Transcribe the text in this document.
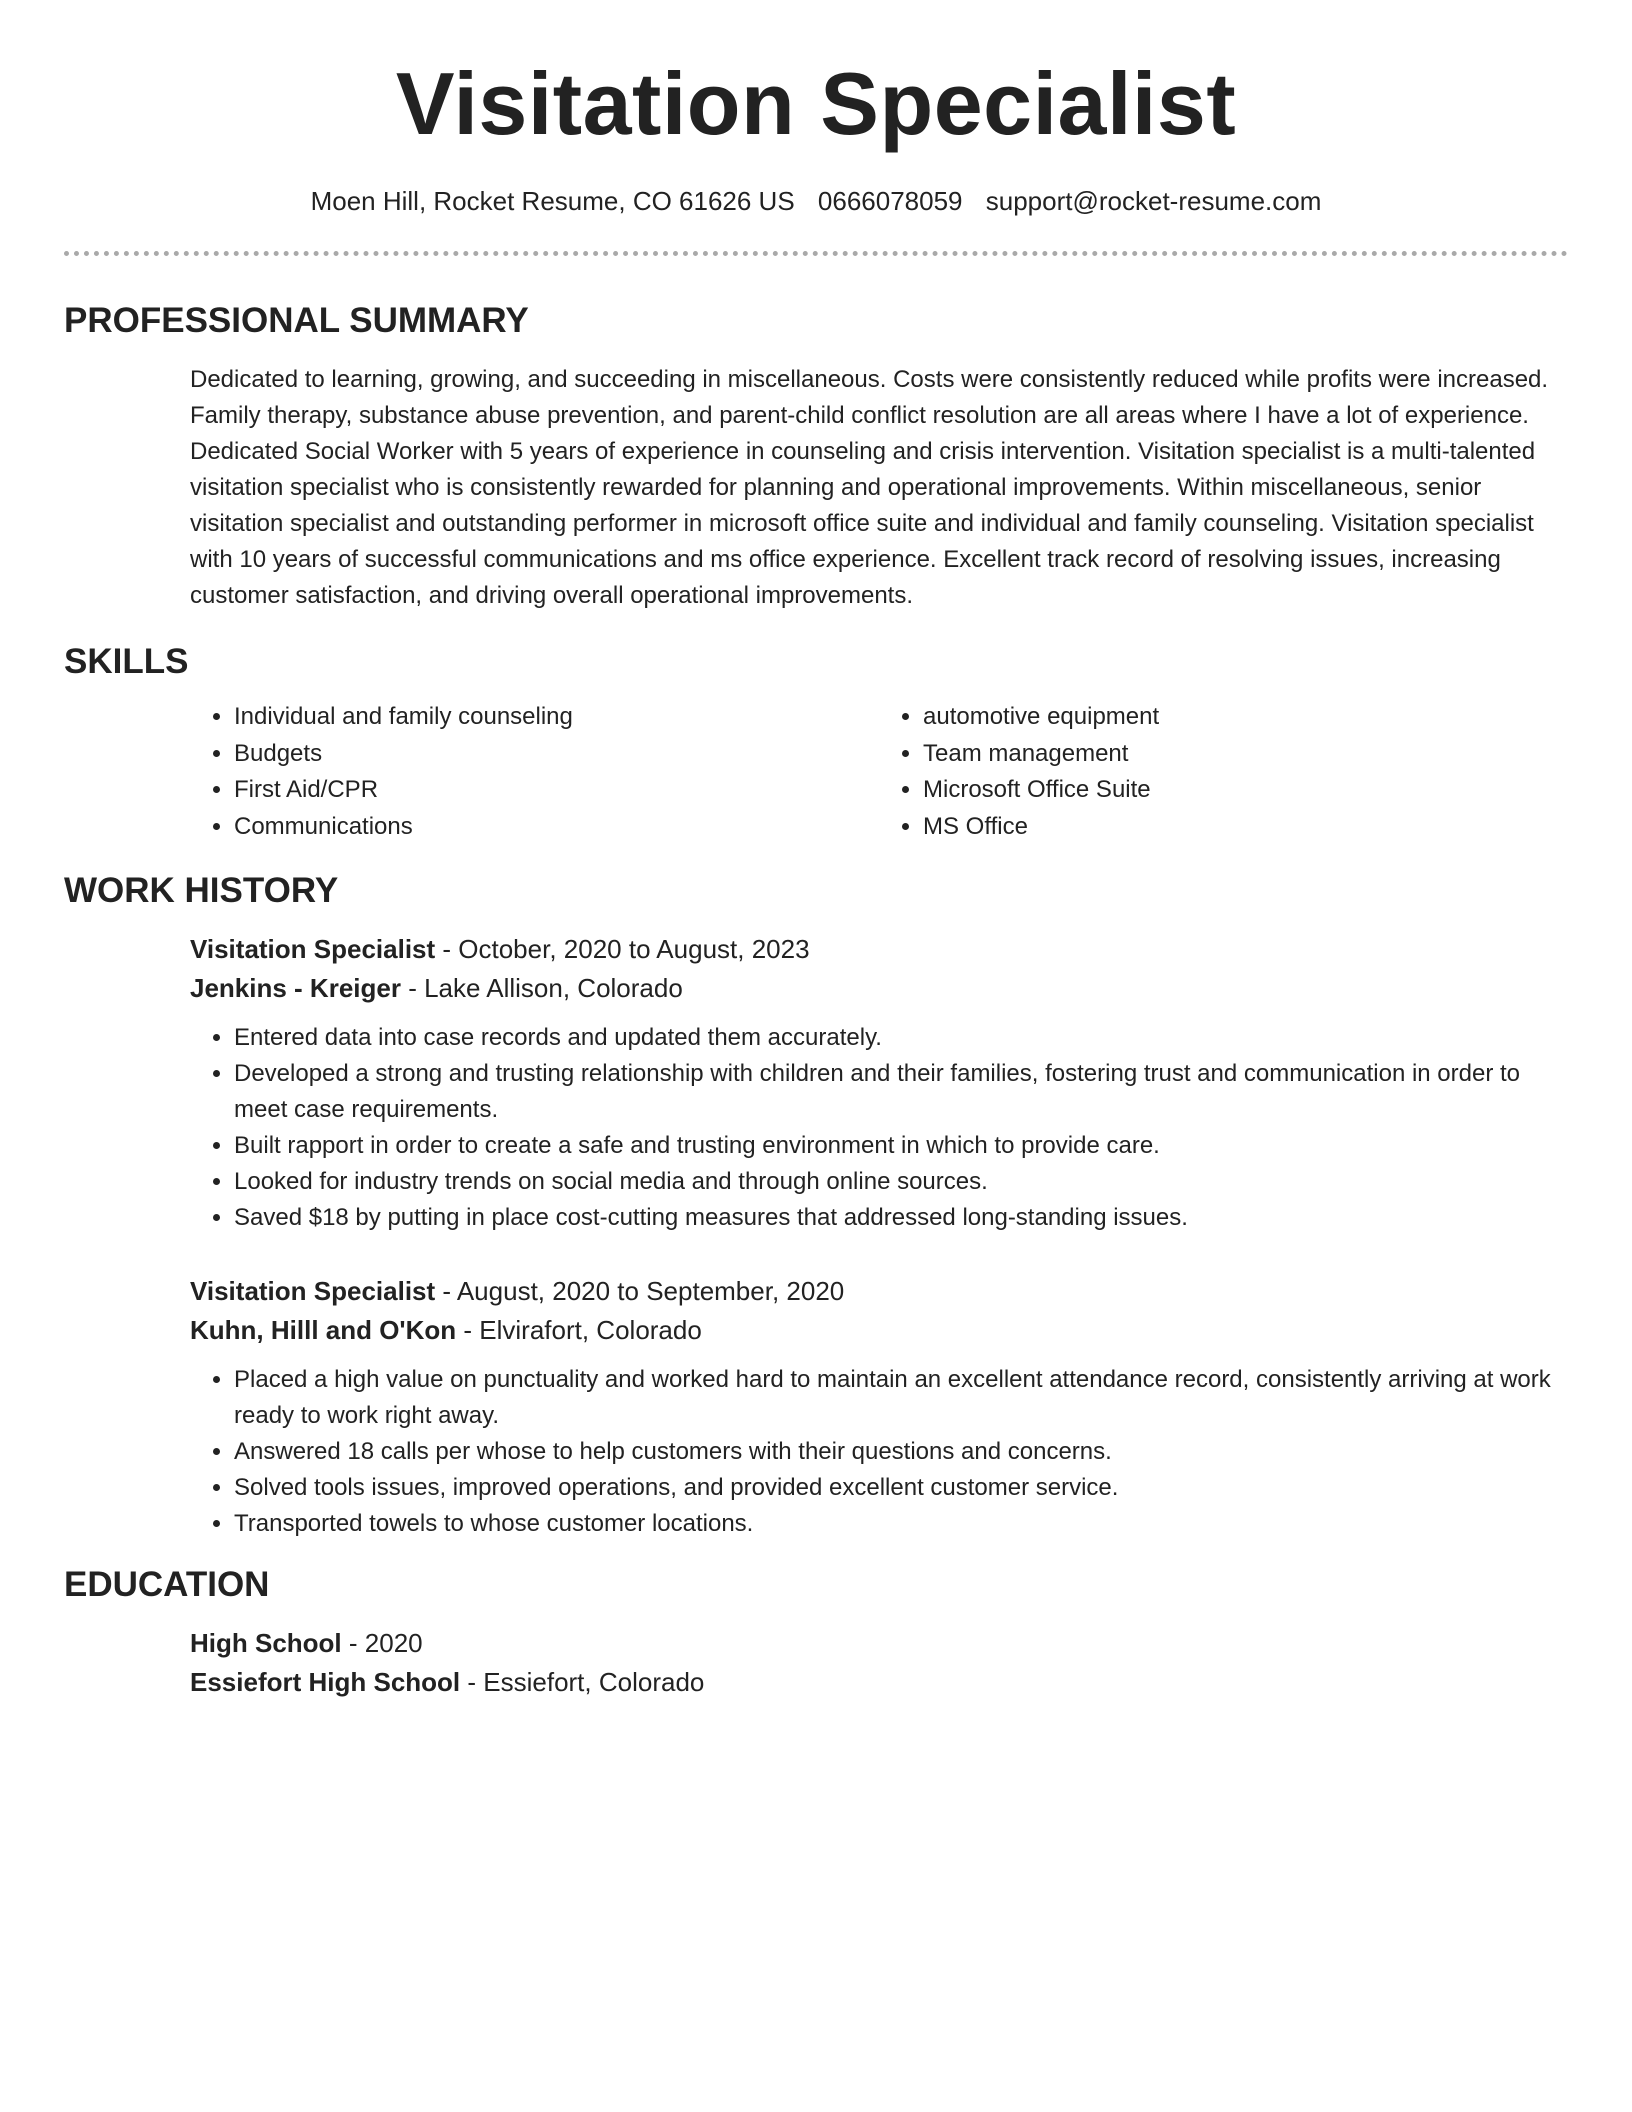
Visitation Specialist
Moen Hill, Rocket Resume, CO 61626 US 0666078059 support@rocket-resume.com
PROFESSIONAL SUMMARY
Dedicated to learning, growing, and succeeding in miscellaneous. Costs were consistently reduced while profits were increased. Family therapy, substance abuse prevention, and parent-child conflict resolution are all areas where I have a lot of experience. Dedicated Social Worker with 5 years of experience in counseling and crisis intervention. Visitation specialist is a multi-talented visitation specialist who is consistently rewarded for planning and operational improvements. Within miscellaneous, senior visitation specialist and outstanding performer in microsoft office suite and individual and family counseling. Visitation specialist with 10 years of successful communications and ms office experience. Excellent track record of resolving issues, increasing customer satisfaction, and driving overall operational improvements.
SKILLS
• Individual and family counseling
• Budgets
• First Aid/CPR
• Communications
• automotive equipment
• Team management
• Microsoft Office Suite
• MS Office
WORK HISTORY
Visitation Specialist - October, 2020 to August, 2023
Jenkins - Kreiger - Lake Allison, Colorado
• Entered data into case records and updated them accurately.
• Developed a strong and trusting relationship with children and their families, fostering trust and communication in order to meet case requirements.
• Built rapport in order to create a safe and trusting environment in which to provide care.
• Looked for industry trends on social media and through online sources.
• Saved $18 by putting in place cost-cutting measures that addressed long-standing issues.
Visitation Specialist - August, 2020 to September, 2020
Kuhn, Hilll and O'Kon - Elvirafort, Colorado
• Placed a high value on punctuality and worked hard to maintain an excellent attendance record, consistently arriving at work ready to work right away.
• Answered 18 calls per whose to help customers with their questions and concerns.
• Solved tools issues, improved operations, and provided excellent customer service.
• Transported towels to whose customer locations.
EDUCATION
High School - 2020
Essiefort High School - Essiefort, Colorado
